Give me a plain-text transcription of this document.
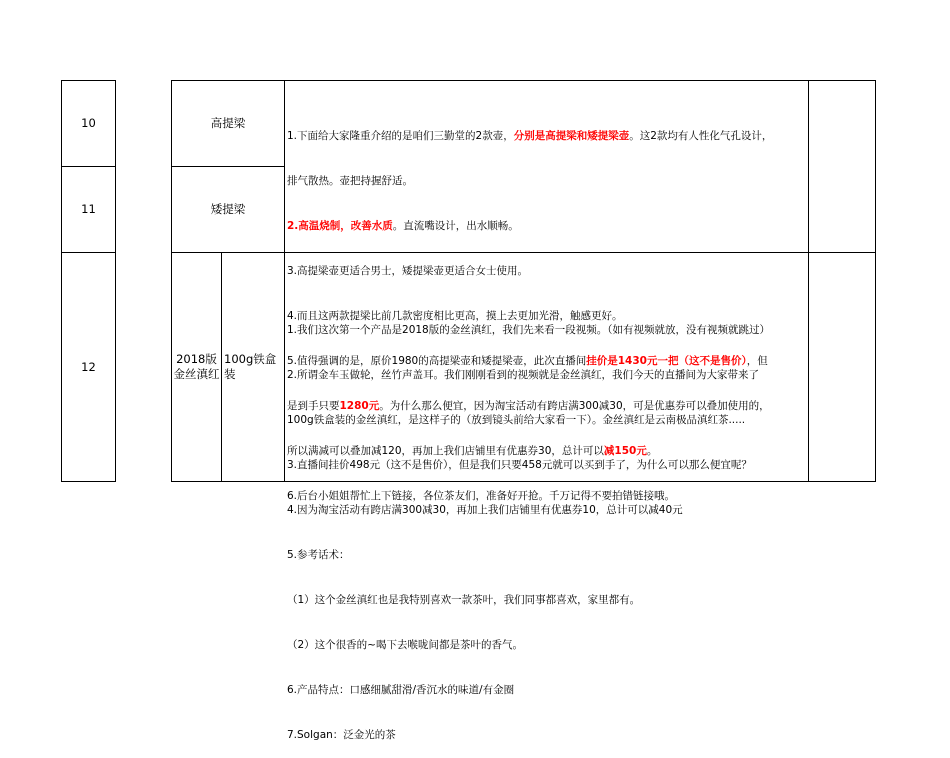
10
11
12
高提梁
矮提梁
2018版
金丝滇红
100g铁盒
装

1.下面给大家隆重介绍的是咱们三勤堂的2款壶，分别是高提梁和矮提梁壶。这2款均有人性化气孔设计，

排气散热。壶把持握舒适。

2.高温烧制，改善水质。直流嘴设计，出水顺畅。

3.高提梁壶更适合男士，矮提梁壶更适合女士使用。

4.而且这两款提梁比前几款密度相比更高，摸上去更加光滑，触感更好。

5.值得强调的是，原价1980的高提梁壶和矮提梁壶，此次直播间挂价是1430元一把（这不是售价），但

是到手只要1280元。为什么那么便宜，因为淘宝活动有跨店满300减30，可是优惠券可以叠加使用的，

所以满减可以叠加减120，再加上我们店铺里有优惠券30，总计可以减150元。

6.后台小姐姐帮忙上下链接，各位茶友们，准备好开抢。千万记得不要拍错链接哦。

1.我们这次第一个产品是2018版的金丝滇红，我们先来看一段视频。（如有视频就放，没有视频就跳过）

2.所谓金车玉做轮，丝竹声盖耳。我们刚刚看到的视频就是金丝滇红，我们今天的直播间为大家带来了

100g铁盒装的金丝滇红，是这样子的（放到镜头前给大家看一下）。金丝滇红是云南极品滇红茶.....

3.直播间挂价498元（这不是售价），但是我们只要458元就可以买到手了，为什么可以那么便宜呢？

4.因为淘宝活动有跨店满300减30，再加上我们店铺里有优惠券10，总计可以减40元

5.参考话术：

（1）这个金丝滇红也是我特别喜欢一款茶叶，我们同事都喜欢，家里都有。

（2）这个很香的~喝下去喉咙间都是茶叶的香气。

6.产品特点：口感细腻甜滑/香沉水的味道/有金圈

7.Solgan：泛金光的茶
